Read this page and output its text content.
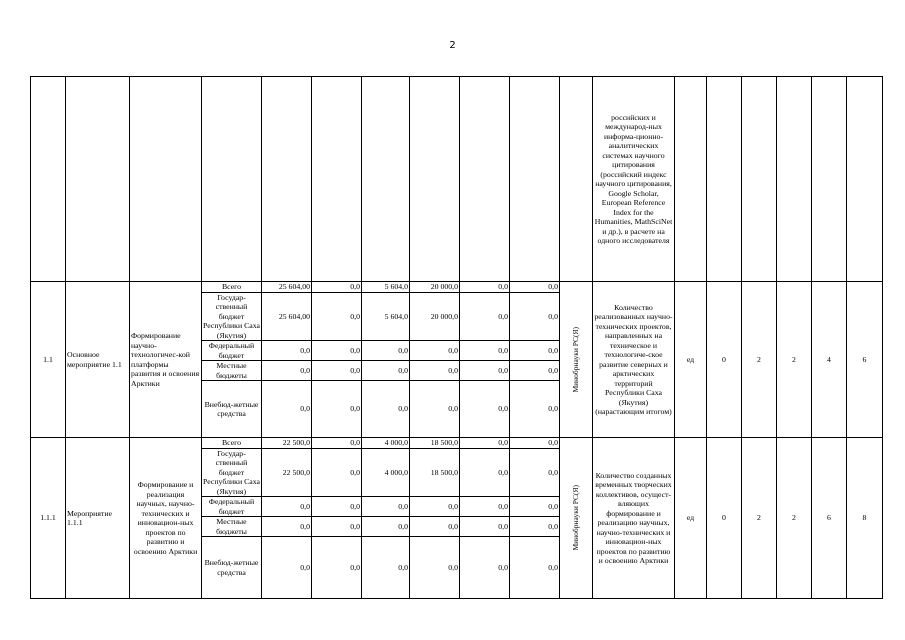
2
											российских и международ-ных информа-ционно-аналитических системах научного цитирования (российский индекс научного цитирования, Google Scholar, European Reference Index for the Humanities, MathSciNet и др.), в расчете на одного исследователя						
1.1	Основное мероприятие 1.1	Формирование научно-технологичес-кой платформы развития и освоения Арктики	Всего	25 604,00	0,0	5 604,0	20 000,0	0,0	0,0	Минобрнауки РС(Я)	Количество реализованных научно-технических проектов, направленных на техническое и технологиче-ское развитие северных и арктических территорий Республики Саха (Якутия) (нарастающим итогом)	ед	0	2	2	4	6
			Государ-ственный бюджет Республики Саха (Якутия)	25 604,00	0,0	5 604,0	20 000,0	0,0	0,0								
			Федеральный бюджет	0,0	0,0	0,0	0,0	0,0	0,0								
			Местные бюджеты	0,0	0,0	0,0	0,0	0,0	0,0								
			Внебюд-жетные средства	0,0	0,0	0,0	0,0	0,0	0,0								
1.1.1	Мероприятие 1.1.1	Формирование и реализация научных, научно-технических и инновацион-ных проектов по развитию и освоению Арктики	Всего	22 500,0	0,0	4 000,0	18 500,0	0,0	0,0	Минобрнауки РС(Я)	Количество созданных временных творческих коллективов, осущест-вляющих формирование и реализацию научных, научно-технических и инновацион-ных проектов по развитию и освоению Арктики	ед	0	2	2	6	8
			Государ-ственный бюджет Республики Саха (Якутия)	22 500,0	0,0	4 000,0	18 500,0	0,0	0,0								
			Федеральный бюджет	0,0	0,0	0,0	0,0	0,0	0,0								
			Местные бюджеты	0,0	0,0	0,0	0,0	0,0	0,0								
			Внебюд-жетные средства	0,0	0,0	0,0	0,0	0,0	0,0								
